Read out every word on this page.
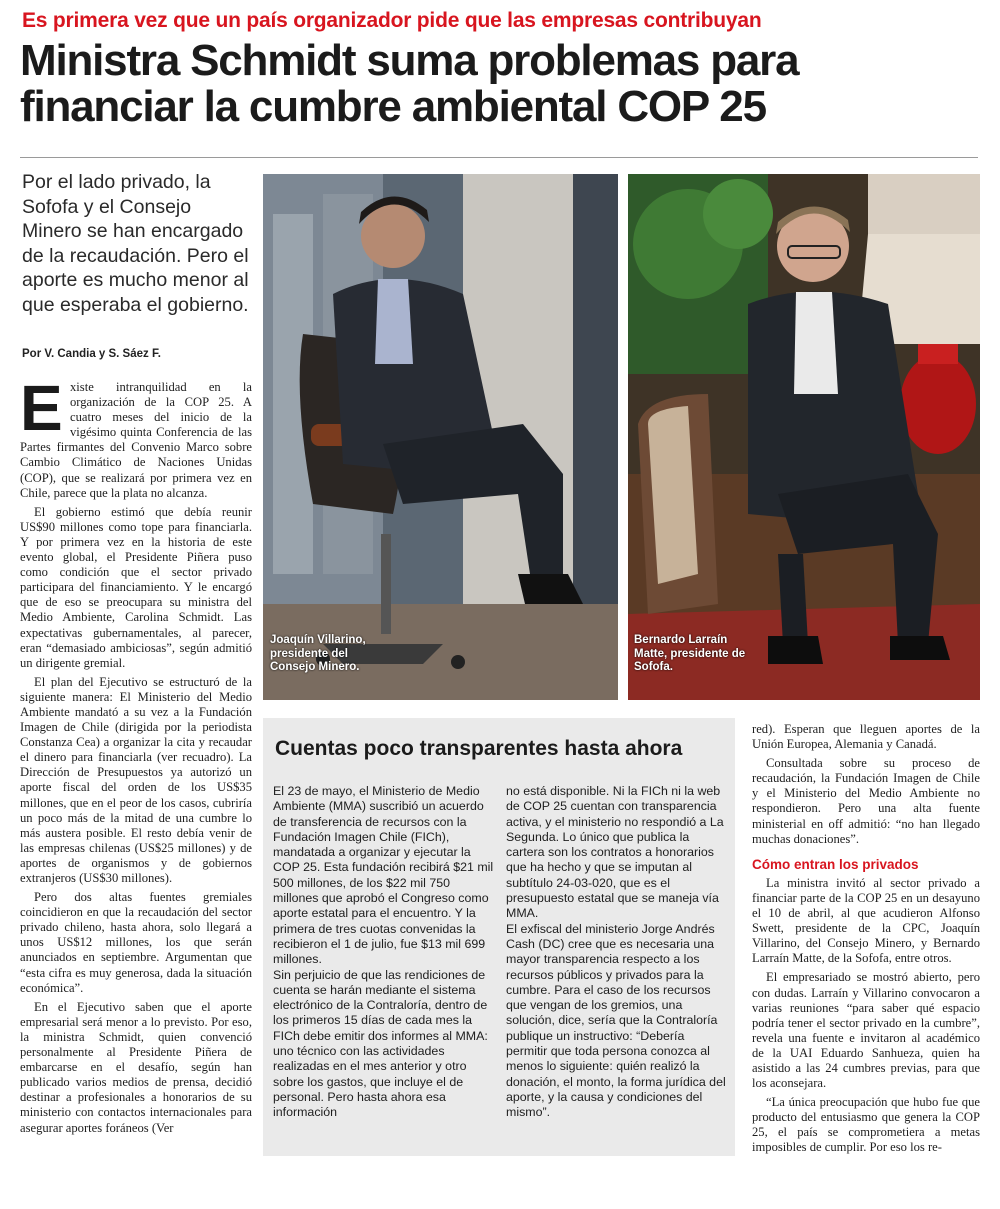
Es primera vez que un país organizador pide que las empresas contribuyan
Ministra Schmidt suma problemas para
financiar la cumbre ambiental COP 25
Por el lado privado, la Sofofa y el Consejo Minero se han encargado de la recaudación. Pero el aporte es mucho menor al que esperaba el gobierno.
Por V. Candia y S. Sáez F.

Existe intranquilidad en la organización de la COP 25. A cuatro meses del inicio de la vigésimo quinta Conferencia de las Partes firmantes del Convenio Marco sobre Cambio Climático de Naciones Unidas (COP), que se realizará por primera vez en Chile, parece que la plata no alcanza.

El gobierno estimó que debía reunir US$90 millones como tope para financiarla. Y por primera vez en la historia de este evento global, el Presidente Piñera puso como condición que el sector privado participara del financiamiento. Y le encargó que de eso se preocupara su ministra del Medio Ambiente, Carolina Schmidt. Las expectativas gubernamentales, al parecer, eran “demasiado ambiciosas”, según admitió un dirigente gremial.

El plan del Ejecutivo se estructuró de la siguiente manera: El Ministerio del Medio Ambiente mandató a su vez a la Fundación Imagen de Chile (dirigida por la periodista Constanza Cea) a organizar la cita y recaudar el dinero para financiarla (ver recuadro). La Dirección de Presupuestos ya autorizó un aporte fiscal del orden de los US$35 millones, que en el peor de los casos, cubriría un poco más de la mitad de una cumbre lo más austera posible. El resto debía venir de las empresas chilenas (US$25 millones) y de aportes de organismos y de gobiernos extranjeros (US$30 millones).

Pero dos altas fuentes gremiales coincidieron en que la recaudación del sector privado chileno, hasta ahora, solo llegará a unos US$12 millones, los que serán anunciados en septiembre. Argumentan que “esta cifra es muy generosa, dada la situación económica”.

En el Ejecutivo saben que el aporte empresarial será menor a lo previsto. Por eso, la ministra Schmidt, quien convenció personalmente al Presidente Piñera de embarcarse en el desafío, según han publicado varios medios de prensa, decidió destinar a profesionales a honorarios de su ministerio con contactos internacionales para asegurar aportes foráneos (Ver

Joaquín Villarino, presidente del Consejo Minero.
Bernardo Larraín Matte, presidente de Sofofa.
Cuentas poco transparentes hasta ahora

El 23 de mayo, el Ministerio de Medio Ambiente (MMA) suscribió un acuerdo de transferencia de recursos con la Fundación Imagen Chile (FICh), mandatada a organizar y ejecutar la COP 25. Esta fundación recibirá $21 mil 500 millones, de los $22 mil 750 millones que aprobó el Congreso como aporte estatal para el encuentro. Y la primera de tres cuotas convenidas la recibieron el 1 de julio, fue $13 mil 699 millones.

Sin perjuicio de que las rendiciones de cuenta se harán mediante el sistema electrónico de la Contraloría, dentro de los primeros 15 días de cada mes la FICh debe emitir dos informes al MMA: uno técnico con las actividades realizadas en el mes anterior y otro sobre los gastos, que incluye el de personal. Pero hasta ahora esa información

no está disponible. Ni la FICh ni la web de COP 25 cuentan con transparencia activa, y el ministerio no respondió a La Segunda. Lo único que publica la cartera son los contratos a honorarios que ha hecho y que se imputan al subtítulo 24-03-020, que es el presupuesto estatal que se maneja vía MMA.

El exfiscal del ministerio Jorge Andrés Cash (DC) cree que es necesaria una mayor transparencia respecto a los recursos públicos y privados para la cumbre. Para el caso de los recursos que vengan de los gremios, una solución, dice, sería que la Contraloría publique un instructivo: “Debería permitir que toda persona conozca al menos lo siguiente: quién realizó la donación, el monto, la forma jurídica del aporte, y la causa y condiciones del mismo”.

red). Esperan que lleguen aportes de la Unión Europea, Alemania y Canadá.

Consultada sobre su proceso de recaudación, la Fundación Imagen de Chile y el Ministerio del Medio Ambiente no respondieron. Pero una alta fuente ministerial en off admitió: “no han llegado muchas donaciones”.

Cómo entran los privados

La ministra invitó al sector privado a financiar parte de la COP 25 en un desayuno el 10 de abril, al que acudieron Alfonso Swett, presidente de la CPC, Joaquín Villarino, del Consejo Minero, y Bernardo Larraín Matte, de la Sofofa, entre otros.

El empresariado se mostró abierto, pero con dudas. Larraín y Villarino convocaron a varias reuniones “para saber qué espacio podría tener el sector privado en la cumbre”, revela una fuente e invitaron al académico de la UAI Eduardo Sanhueza, quien ha asistido a las 24 cumbres previas, para que los aconsejara.

“La única preocupación que hubo fue que producto del entusiasmo que genera la COP 25, el país se comprometiera a metas imposibles de cumplir. Por eso los re-
